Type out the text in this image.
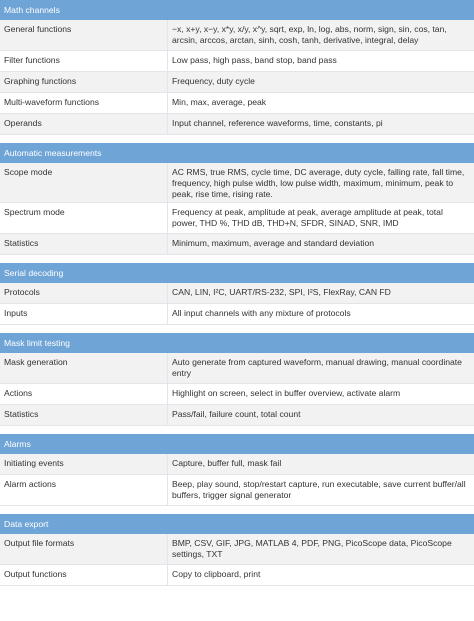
Math channels
General functions	−x, x+y, x−y, x*y, x/y, x^y, sqrt, exp, ln, log, abs, norm, sign, sin, cos, tan, arcsin, arccos, arctan, sinh, cosh, tanh, derivative, integral, delay
Filter functions	Low pass, high pass, band stop, band pass
Graphing functions	Frequency, duty cycle
Multi-waveform functions	Min, max, average, peak
Operands	Input channel, reference waveforms, time, constants, pi
Automatic measurements
Scope mode	AC RMS, true RMS, cycle time, DC average, duty cycle, falling rate, fall time, frequency, high pulse width, low pulse width, maximum, minimum, peak to peak, rise time, rising rate.
Spectrum mode	Frequency at peak, amplitude at peak, average amplitude at peak, total power, THD %, THD dB, THD+N, SFDR, SINAD, SNR, IMD
Statistics	Minimum, maximum, average and standard deviation
Serial decoding
Protocols	CAN, LIN, I²C, UART/RS-232, SPI, I²S, FlexRay, CAN FD
Inputs	All input channels with any mixture of protocols
Mask limit testing
Mask generation	Auto generate from captured waveform, manual drawing, manual coordinate entry
Actions	Highlight on screen, select in buffer overview, activate alarm
Statistics	Pass/fail, failure count, total count
Alarms
Initiating events	Capture, buffer full, mask fail
Alarm actions	Beep, play sound, stop/restart capture, run executable, save current buffer/all buffers, trigger signal generator
Data export
Output file formats	BMP, CSV, GIF, JPG, MATLAB 4, PDF, PNG, PicoScope data, PicoScope settings, TXT
Output functions	Copy to clipboard, print
